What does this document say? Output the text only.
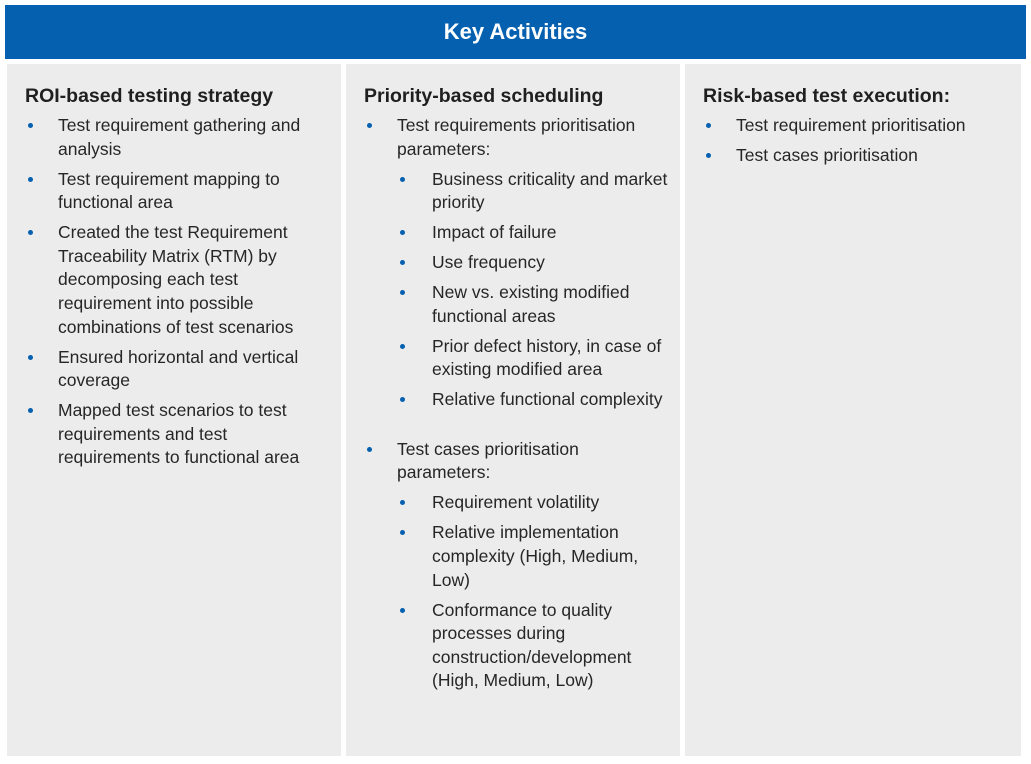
Key Activities
ROI-based testing strategy
Test requirement gathering and analysis
Test requirement mapping to functional area
Created the test Requirement Traceability Matrix (RTM) by decomposing each test requirement into possible combinations of test scenarios
Ensured horizontal and vertical coverage
Mapped test scenarios to test requirements and test requirements to functional area
Priority-based scheduling
Test requirements prioritisation parameters:
Business criticality and market priority
Impact of failure
Use frequency
New vs. existing modified functional areas
Prior defect history, in case of existing modified area
Relative functional complexity
Test cases prioritisation parameters:
Requirement volatility
Relative implementation complexity (High, Medium, Low)
Conformance to quality processes during construction/development (High, Medium, Low)
Risk-based test execution:
Test requirement prioritisation
Test cases prioritisation
